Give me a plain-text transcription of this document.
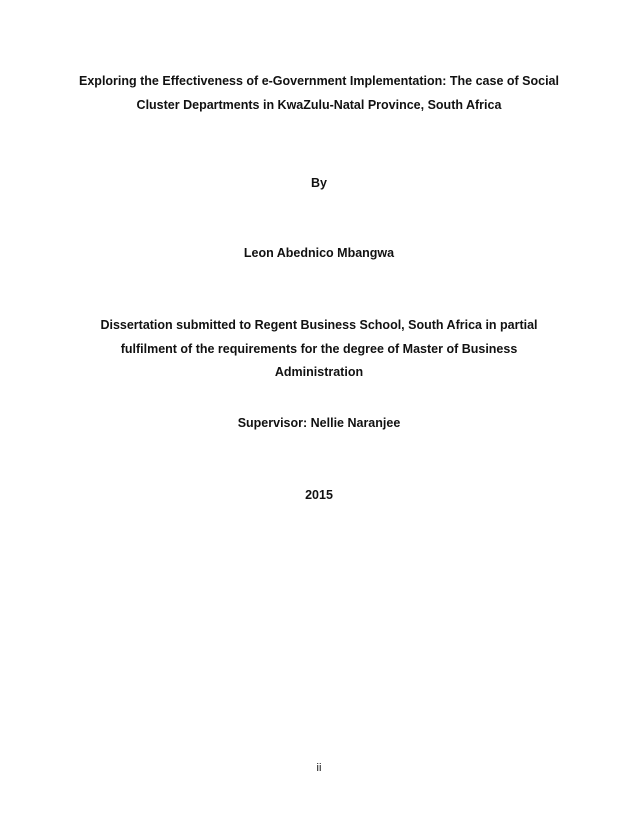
Exploring the Effectiveness of e-Government Implementation: The case of Social
Cluster Departments in KwaZulu-Natal Province, South Africa
By
Leon Abednico Mbangwa
Dissertation submitted to Regent Business School, South Africa in partial
fulfilment of the requirements for the degree of Master of Business
Administration
Supervisor: Nellie Naranjee
2015
ii
